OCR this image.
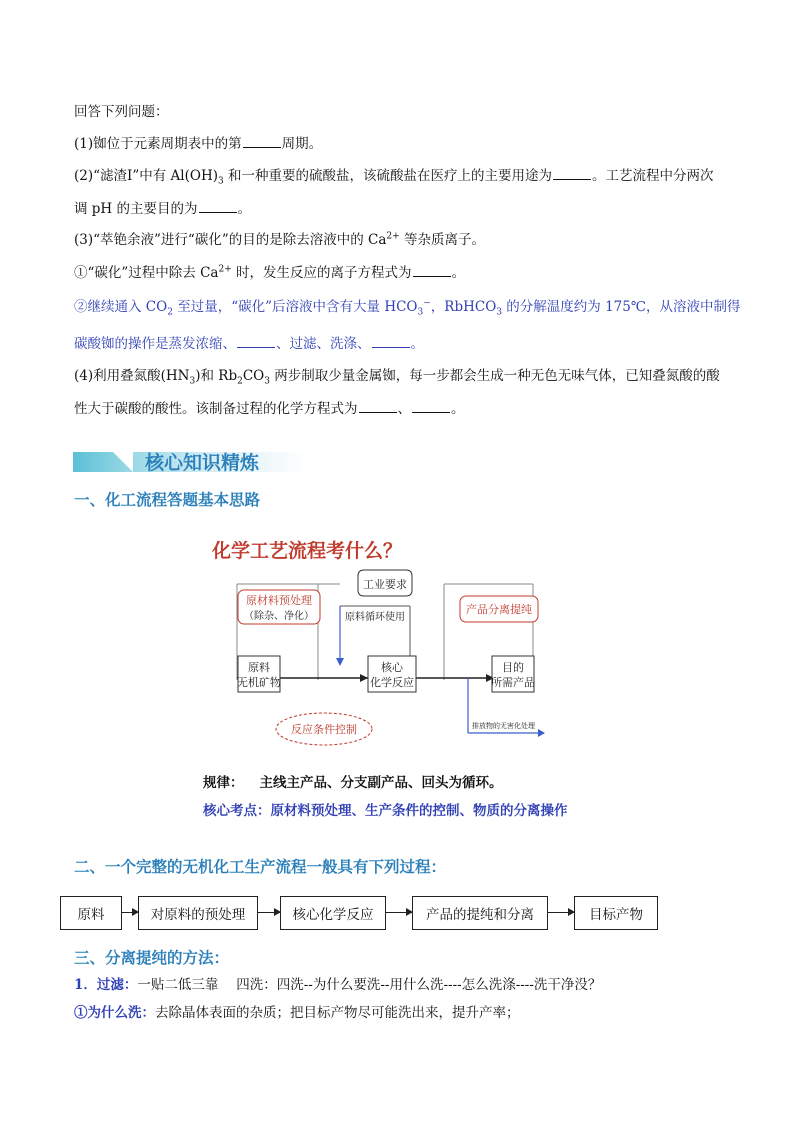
回答下列问题：
(1)铷位于元素周期表中的第	周期。
(2)“滤渣Ⅰ”中有 $Al(OH)_3$ 和一种重要的硫酸盐，该硫酸盐在医疗上的主要用途为	。工艺流程中分两次
调 pH 的主要目的为	。
(3)“萃铯余液”进行“碳化”的目的是除去溶液中的 $Ca^{2+}$ 等杂质离子。
①“碳化”过程中除去 $Ca^{2+}$ 时，发生反应的离子方程式为	。
②继续通入 $CO_2$ 至过量，“碳化”后溶液中含有大量 $HCO_3^-$，RbHCO$_3$ 的分解温度约为 175℃，从溶液中制得
碳酸铷的操作是蒸发浓缩、	、过滤、洗涤、	。
(4)利用叠氮酸$(HN_3)$和 $Rb_2CO_3$ 两步制取少量金属铷，每一步都会生成一种无色无味气体，已知叠氮酸的酸
性大于碳酸的酸性。该制备过程的化学方程式为	、	。
核心知识精炼
一、化工流程答题基本思路
化学工艺流程考什么？
原料
无机矿物
核心
化学反应
目的
所需产品
原材料预处理
（除杂、净化）
工业要求
原料循环使用
产品分离提纯
反应条件控制	排放物的无害化处理
规律： 主线主产品、分支副产品、回头为循环。
核心考点：原材料预处理、生产条件的控制、物质的分离操作
二、一个完整的无机化工生产流程一般具有下列过程：
原料	对原料的预处理	核心化学反应	产品的提纯和分离	目标产物
三、分离提纯的方法：
1．过滤：一贴二低三靠　 四洗：四洗--为什么要洗--用什么洗----怎么洗涤----洗干净没？
①为什么洗：去除晶体表面的杂质；把目标产物尽可能洗出来，提升产率；
